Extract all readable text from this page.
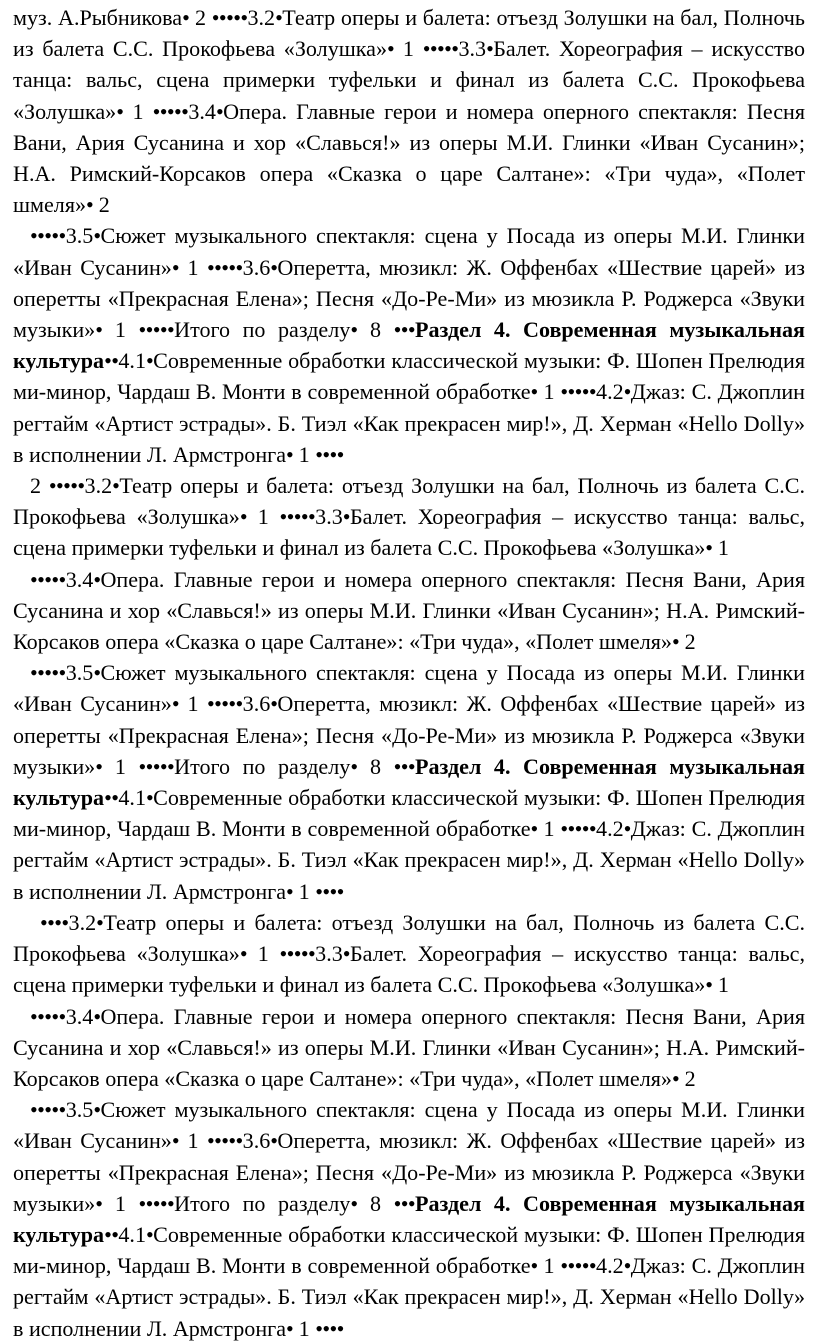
муз. А.Рыбникова• 2 •••••3.2•Театр оперы и балета: отъезд Золушки на бал, Полночь из балета С.С. Прокофьева «Золушка»• 1 •••••3.3•Балет. Хореография – искусство танца: вальс, сцена примерки туфельки и финал из балета С.С. Прокофьева «Золушка»• 1 •••••3.4•Опера. Главные герои и номера оперного спектакля: Песня Вани, Ария Сусанина и хор «Славься!» из оперы М.И. Глинки «Иван Сусанин»; Н.А. Римский-Корсаков опера «Сказка о царе Салтане»: «Три чуда», «Полет шмеля»• 2

•••••3.5•Сюжет музыкального спектакля: сцена у Посада из оперы М.И. Глинки «Иван Сусанин»• 1 •••••3.6•Оперетта, мюзикл: Ж. Оффенбах «Шествие царей» из оперетты «Прекрасная Елена»; Песня «До-Ре-Ми» из мюзикла Р. Роджерса «Звуки музыки»• 1 •••••Итого по разделу• 8 •••Раздел 4. Современная музыкальная культура••4.1•Современные обработки классической музыки: Ф. Шопен Прелюдия ми-минор, Чардаш В. Монти в современной обработке• 1 •••••4.2•Джаз: С. Джоплин регтайм «Артист эстрады». Б. Тиэл «Как прекрасен мир!», Д. Херман «Hello Dolly» в исполнении Л. Армстронга• 1 ••••

2 •••••3.2•Театр оперы и балета: отъезд Золушки на бал, Полночь из балета С.С. Прокофьева «Золушка»• 1 •••••3.3•Балет. Хореография – искусство танца: вальс, сцена примерки туфельки и финал из балета С.С. Прокофьева «Золушка»• 1

•••••3.4•Опера. Главные герои и номера оперного спектакля: Песня Вани, Ария Сусанина и хор «Славься!» из оперы М.И. Глинки «Иван Сусанин»; Н.А. Римский-Корсаков опера «Сказка о царе Салтане»: «Три чуда», «Полет шмеля»• 2

•••••3.5•Сюжет музыкального спектакля: сцена у Посада из оперы М.И. Глинки «Иван Сусанин»• 1 •••••3.6•Оперетта, мюзикл: Ж. Оффенбах «Шествие царей» из оперетты «Прекрасная Елена»; Песня «До-Ре-Ми» из мюзикла Р. Роджерса «Звуки музыки»• 1 •••••Итого по разделу• 8 •••Раздел 4. Современная музыкальная культура••4.1•Современные обработки классической музыки: Ф. Шопен Прелюдия ми-минор, Чардаш В. Монти в современной обработке• 1 •••••4.2•Джаз: С. Джоплин регтайм «Артист эстрады». Б. Тиэл «Как прекрасен мир!», Д. Херман «Hello Dolly» в исполнении Л. Армстронга• 1 ••••

••••3.2•Театр оперы и балета: отъезд Золушки на бал, Полночь из балета С.С. Прокофьева «Золушка»• 1 •••••3.3•Балет. Хореография – искусство танца: вальс, сцена примерки туфельки и финал из балета С.С. Прокофьева «Золушка»• 1

•••••3.4•Опера. Главные герои и номера оперного спектакля: Песня Вани, Ария Сусанина и хор «Славься!» из оперы М.И. Глинки «Иван Сусанин»; Н.А. Римский-Корсаков опера «Сказка о царе Салтане»: «Три чуда», «Полет шмеля»• 2

•••••3.5•Сюжет музыкального спектакля: сцена у Посада из оперы М.И. Глинки «Иван Сусанин»• 1 •••••3.6•Оперетта, мюзикл: Ж. Оффенбах «Шествие царей» из оперетты «Прекрасная Елена»; Песня «До-Ре-Ми» из мюзикла Р. Роджерса «Звуки музыки»• 1 •••••Итого по разделу• 8 •••Раздел 4. Современная музыкальная культура••4.1•Современные обработки классической музыки: Ф. Шопен Прелюдия ми-минор, Чардаш В. Монти в современной обработке• 1 •••••4.2•Джаз: С. Джоплин регтайм «Артист эстрады». Б. Тиэл «Как прекрасен мир!», Д. Херман «Hello Dolly» в исполнении Л. Армстронга• 1 ••••
